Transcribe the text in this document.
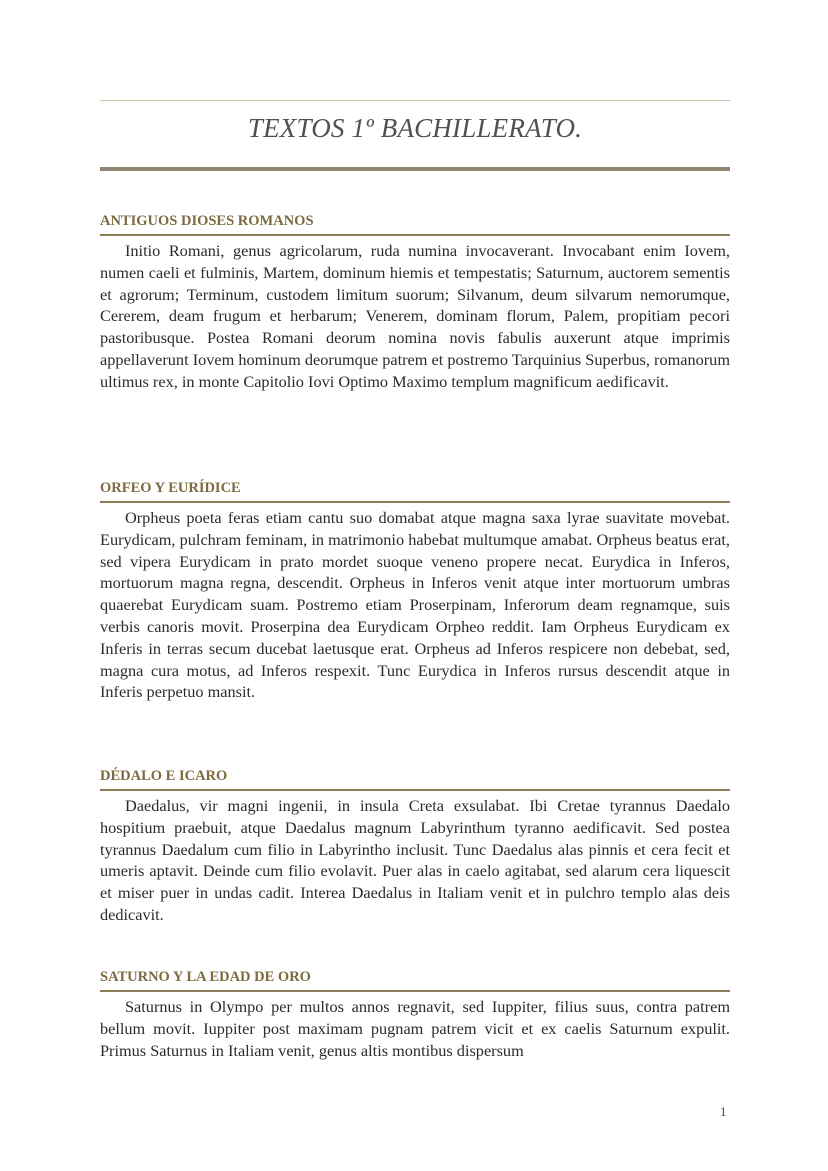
TEXTOS 1º BACHILLERATO.
ANTIGUOS DIOSES ROMANOS

Initio Romani, genus agricolarum, ruda numina invocaverant. Invocabant enim Iovem, numen caeli et fulminis, Martem, dominum hiemis et tempestatis; Saturnum, auctorem sementis et agrorum; Terminum, custodem limitum suorum; Silvanum, deum silvarum nemorumque, Cererem, deam frugum et herbarum; Venerem, dominam florum, Palem, propitiam pecori pastoribusque. Postea Romani deorum nomina novis fabulis auxerunt atque imprimis appellaverunt Iovem hominum deorumque patrem et postremo Tarquinius Superbus, romanorum ultimus rex, in monte Capitolio Iovi Optimo Maximo templum magnificum aedificavit.

ORFEO Y EURÍDICE

Orpheus poeta feras etiam cantu suo domabat atque magna saxa lyrae suavitate movebat. Eurydicam, pulchram feminam, in matrimonio habebat multumque amabat. Orpheus beatus erat, sed vipera Eurydicam in prato mordet suoque veneno propere necat. Eurydica in Inferos, mortuorum magna regna, descendit. Orpheus in Inferos venit atque inter mortuorum umbras quaerebat Eurydicam suam. Postremo etiam Proserpinam, Inferorum deam regnamque, suis verbis canoris movit. Proserpina dea Eurydicam Orpheo reddit. Iam Orpheus Eurydicam ex Inferis in terras secum ducebat laetusque erat. Orpheus ad Inferos respicere non debebat, sed, magna cura motus, ad Inferos respexit. Tunc Eurydica in Inferos rursus descendit atque in Inferis perpetuo mansit.

DÉDALO E ICARO

Daedalus, vir magni ingenii, in insula Creta exsulabat. Ibi Cretae tyrannus Daedalo hospitium praebuit, atque Daedalus magnum Labyrinthum tyranno aedificavit. Sed postea tyrannus Daedalum cum filio in Labyrintho inclusit. Tunc Daedalus alas pinnis et cera fecit et umeris aptavit. Deinde cum filio evolavit. Puer alas in caelo agitabat, sed alarum cera liquescit et miser puer in undas cadit. Interea Daedalus in Italiam venit et in pulchro templo alas deis dedicavit.

SATURNO Y LA EDAD DE ORO

Saturnus in Olympo per multos annos regnavit, sed Iuppiter, filius suus, contra patrem bellum movit. Iuppiter post maximam pugnam patrem vicit et ex caelis Saturnum expulit. Primus Saturnus in Italiam venit, genus altis montibus dispersum

1
